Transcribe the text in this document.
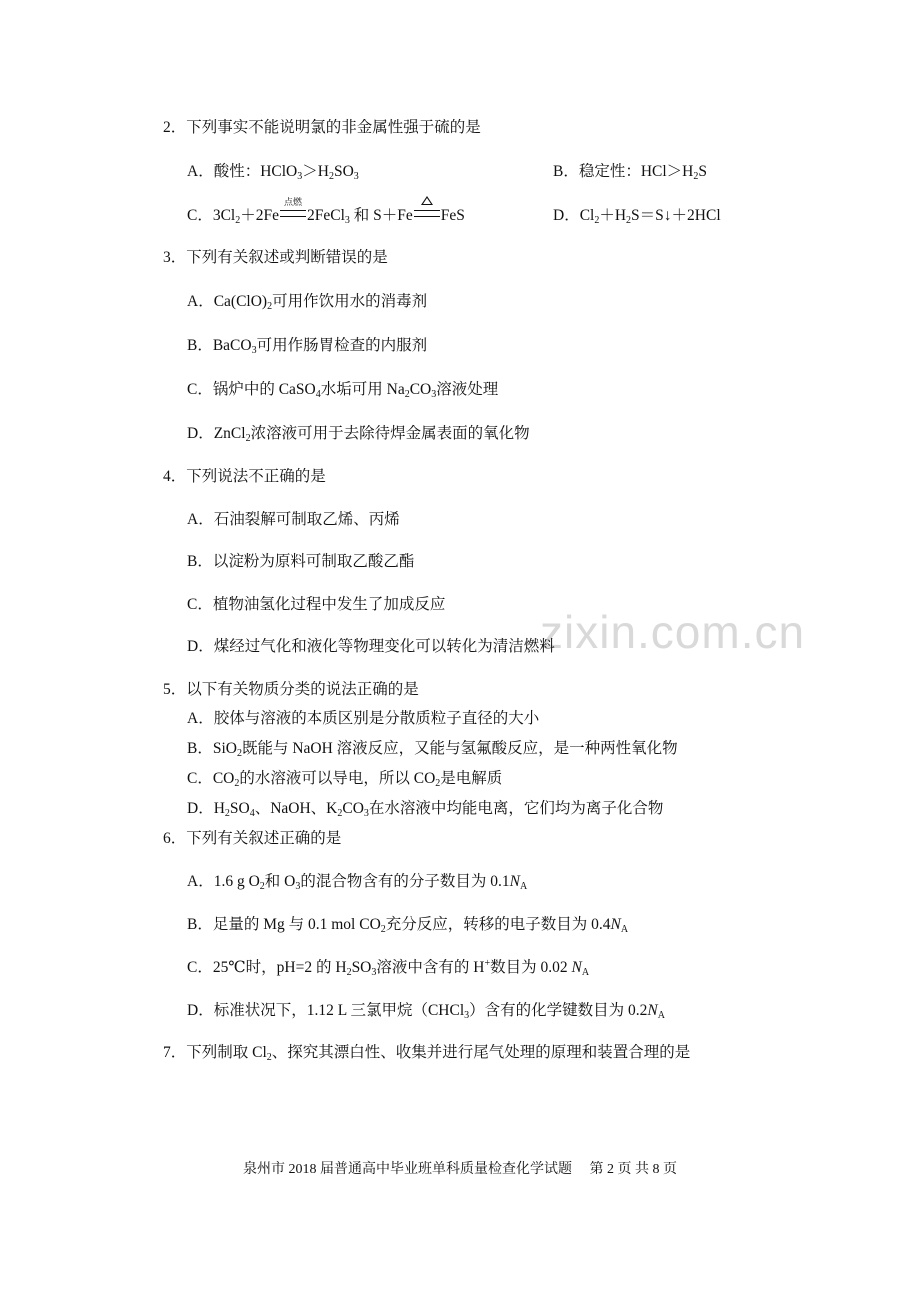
zixin.com.cn
2．下列事实不能说明氯的非金属性强于硫的是
A．酸性：$HClO_3>H_2SO_3$	B．稳定性：$HCl>H_2S$
C．$3Cl_2+2Fe$
点燃
2FeCl$_3$ 和 S＋Fe FeS	D．$Cl_2+H_2S=S↓+2HCl$
3．下列有关叙述或判断错误的是
A．$Ca(ClO)_2$可用作饮用水的消毒剂
B．BaCO$_3$可用作肠胃检查的内服剂
C．锅炉中的 CaSO$_4$水垢可用 $Na_2CO_3$溶液处理
D．ZnCl$_2$浓溶液可用于去除待焊金属表面的氧化物
4．下列说法不正确的是
A．石油裂解可制取乙烯、丙烯
B．以淀粉为原料可制取乙酸乙酯
C．植物油氢化过程中发生了加成反应
D．煤经过气化和液化等物理变化可以转化为清洁燃料
5．以下有关物质分类的说法正确的是
A．胶体与溶液的本质区别是分散质粒子直径的大小
B．SiO$_2$既能与 NaOH 溶液反应，又能与氢氟酸反应，是一种两性氧化物
C．$CO_2$的水溶液可以导电，所以 $CO_2$是电解质
D．$H_2SO_4$、NaOH、$K_2CO_3$在水溶液中均能电离，它们均为离子化合物
6．下列有关叙述正确的是
A．1.6 g $O_2$和 $O_3$的混合物含有的分子数目为 $0.1N_A$
B．足量的 Mg 与 0.1 mol $CO_2$充分反应，转移的电子数目为 $0.4N_A$
C．25℃时，pH=2 的 $H_2SO_3$溶液中含有的 H+数目为 0.02 $N_A$
D．标准状况下，1.12 L 三氯甲烷（CHCl$_3$）含有的化学键数目为 $0.2N_A$
7．下列制取 $Cl_2$、探究其漂白性、收集并进行尾气处理的原理和装置合理的是
泉州市 2018 届普通高中毕业班单科质量检查化学试题　 第 2 页 共 8 页
